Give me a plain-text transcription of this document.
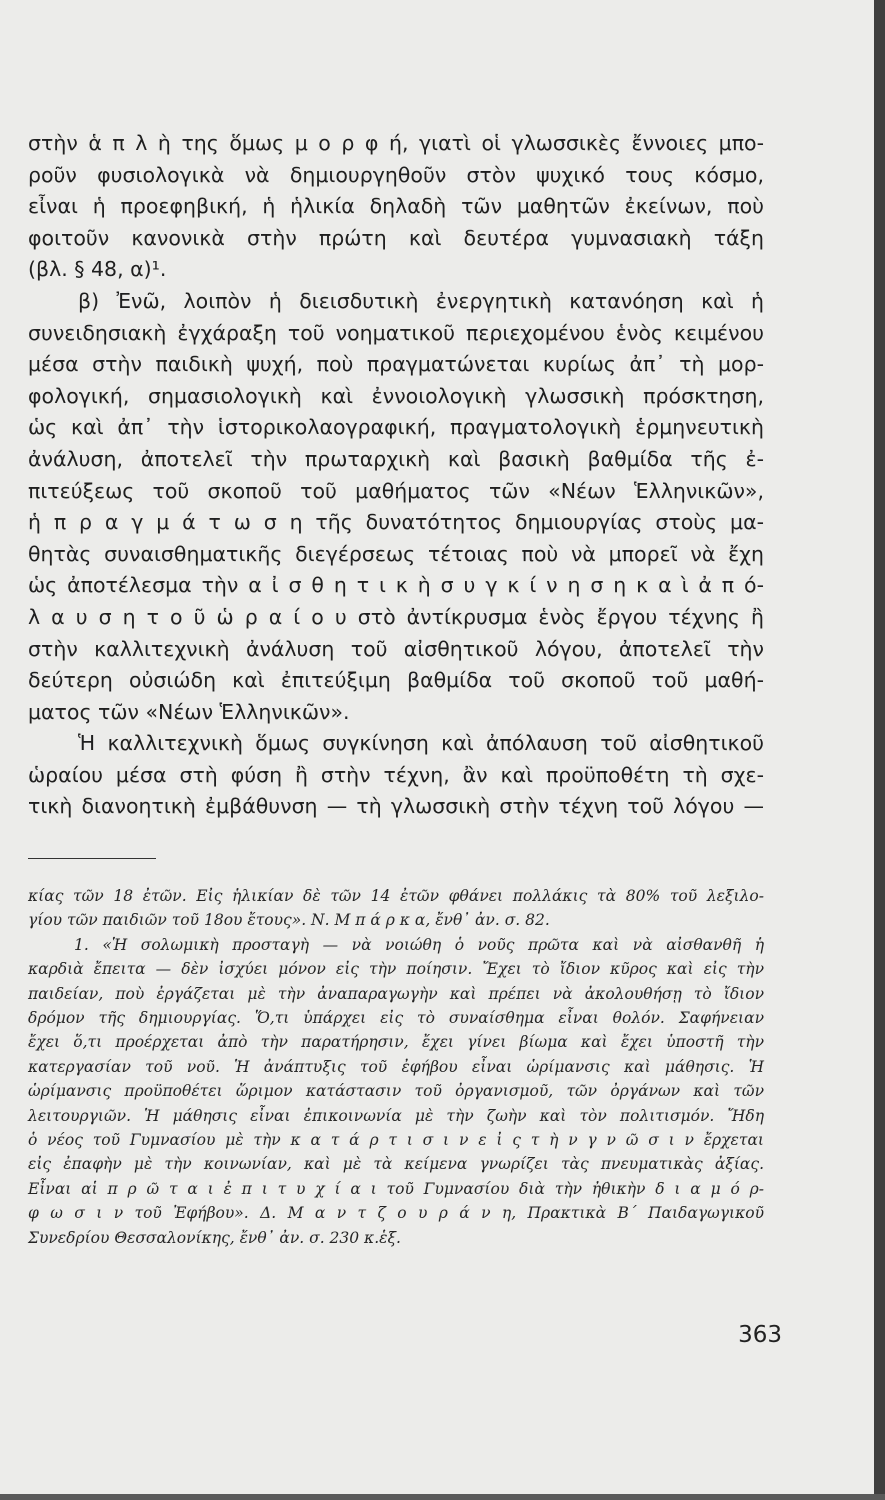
στὴν ἁ π λ ὴ της ὅμως μ ο ρ φ ή, γιατὶ οἱ γλωσσικὲς ἔννοιες μπο-

ροῦν φυσιολογικὰ νὰ δημιουργηθοῦν στὸν ψυχικό τους κόσμο,

εἶναι ἡ προεφηβική, ἡ ἡλικία δηλαδὴ τῶν μαθητῶν ἐκείνων, ποὺ

φοιτοῦν κανονικὰ στὴν πρώτη καὶ δευτέρα γυμνασιακὴ τάξη

(βλ. § 48, α)¹.

β) Ἐνῶ, λοιπὸν ἡ διεισδυτικὴ ἐνεργητικὴ κατανόηση καὶ ἡ

συνειδησιακὴ ἐγχάραξη τοῦ νοηματικοῦ περιεχομένου ἑνὸς κειμένου

μέσα στὴν παιδικὴ ψυχή, ποὺ πραγματώνεται κυρίως ἀπ᾽ τὴ μορ-

φολογική, σημασιολογικὴ καὶ ἐννοιολογικὴ γλωσσικὴ πρόσκτηση,

ὡς καὶ ἀπ᾽ τὴν ἱστορικολαογραφική, πραγματολογικὴ ἑρμηνευτικὴ

ἀνάλυση, ἀποτελεῖ τὴν πρωταρχικὴ καὶ βασικὴ βαθμίδα τῆς ἐ-

πιτεύξεως τοῦ σκοποῦ τοῦ μαθήματος τῶν «Νέων Ἑλληνικῶν»,

ἡ π ρ α γ μ ά τ ω σ η τῆς δυνατότητος δημιουργίας στοὺς μα-

θητὰς συναισθηματικῆς διεγέρσεως τέτοιας ποὺ νὰ μπορεῖ νὰ ἔχη

ὡς ἀποτέλεσμα τὴν α ἰ σ θ η τ ι κ ὴ σ υ γ κ ί ν η σ η κ α ὶ ἀ π ό-

λ α υ σ η τ ο ῦ ὡ ρ α ί ο υ στὸ ἀντίκρυσμα ἑνὸς ἔργου τέχνης ἢ

στὴν καλλιτεχνικὴ ἀνάλυση τοῦ αἰσθητικοῦ λόγου, ἀποτελεῖ τὴν

δεύτερη οὐσιώδη καὶ ἐπιτεύξιμη βαθμίδα τοῦ σκοποῦ τοῦ μαθή-

ματος τῶν «Νέων Ἑλληνικῶν».

Ἡ καλλιτεχνικὴ ὅμως συγκίνηση καὶ ἀπόλαυση τοῦ αἰσθητικοῦ

ὡραίου μέσα στὴ φύση ἢ στὴν τέχνη, ἂν καὶ προϋποθέτη τὴ σχε-

τικὴ διανοητικὴ ἐμβάθυνση — τὴ γλωσσικὴ στὴν τέχνη τοῦ λόγου —

κίας τῶν 18 ἐτῶν. Εἰς ἡλικίαν δὲ τῶν 14 ἐτῶν φθάνει πολλάκις τὰ 80% τοῦ λεξιλο-

γίου τῶν παιδιῶν τοῦ 18ου ἔτους». Ν. Μ π ά ρ κ α, ἔνθ᾽ ἀν. σ. 82.

1. «Ἡ σολωμικὴ προσταγὴ — νὰ νοιώθη ὁ νοῦς πρῶτα καὶ νὰ αἰσθανθῆ ἡ

καρδιὰ ἔπειτα — δὲν ἰσχύει μόνον εἰς τὴν ποίησιν. Ἔχει τὸ ἴδιον κῦρος καὶ εἰς τὴν

παιδείαν, ποὺ ἐργάζεται μὲ τὴν ἀναπαραγωγὴν καὶ πρέπει νὰ ἀκολουθήσῃ τὸ ἴδιον

δρόμον τῆς δημιουργίας. Ὅ,τι ὑπάρχει εἰς τὸ συναίσθημα εἶναι θολόν. Σαφήνειαν

ἔχει ὅ,τι προέρχεται ἀπὸ τὴν παρατήρησιν, ἔχει γίνει βίωμα καὶ ἔχει ὑποστῆ τὴν

κατεργασίαν τοῦ νοῦ. Ἡ ἀνάπτυξις τοῦ ἐφήβου εἶναι ὡρίμανσις καὶ μάθησις. Ἡ

ὡρίμανσις προϋποθέτει ὥριμον κατάστασιν τοῦ ὀργανισμοῦ, τῶν ὀργάνων καὶ τῶν

λειτουργιῶν. Ἡ μάθησις εἶναι ἐπικοινωνία μὲ τὴν ζωὴν καὶ τὸν πολιτισμόν. Ἤδη

ὁ νέος τοῦ Γυμνασίου μὲ τὴν κ α τ ά ρ τ ι σ ι ν ε ἰ ς τ ὴ ν γ ν ῶ σ ι ν ἔρχεται

εἰς ἐπαφὴν μὲ τὴν κοινωνίαν, καὶ μὲ τὰ κείμενα γνωρίζει τὰς πνευματικὰς ἀξίας.

Εἶναι αἱ π ρ ῶ τ α ι ἐ π ι τ υ χ ί α ι τοῦ Γυμνασίου διὰ τὴν ἠθικὴν δ ι α μ ό ρ-

φ ω σ ι ν τοῦ Ἐφήβου». Δ. Μ α ν τ ζ ο υ ρ ά ν η, Πρακτικὰ Β΄ Παιδαγωγικοῦ

Συνεδρίου Θεσσαλονίκης, ἔνθ᾽ ἀν. σ. 230 κ.ἑξ.

363
